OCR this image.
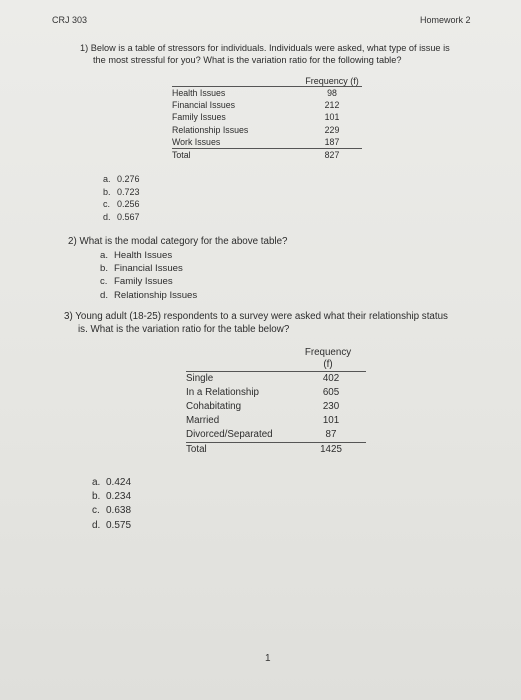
CRJ 303	Homework 2
1) Below is a table of stressors for individuals. Individuals were asked, what type of issue is
the most stressful for you? What is the variation ratio for the following table?
Frequency (f)
Health Issues	98
Financial Issues	212
Family Issues	101
Relationship Issues	229
Work Issues	187
Total	827
a. 0.276
b. 0.723
c. 0.256
d. 0.567
2) What is the modal category for the above table?
a. Health Issues
b. Financial Issues
c. Family Issues
d. Relationship Issues
3) Young adult (18-25) respondents to a survey were asked what their relationship status
is. What is the variation ratio for the table below?
Frequency
(f)
Single	402
In a Relationship	605
Cohabitating	230
Married	101
Divorced/Separated	87
Total	1425
a. 0.424
b. 0.234
c. 0.638
d. 0.575
1
